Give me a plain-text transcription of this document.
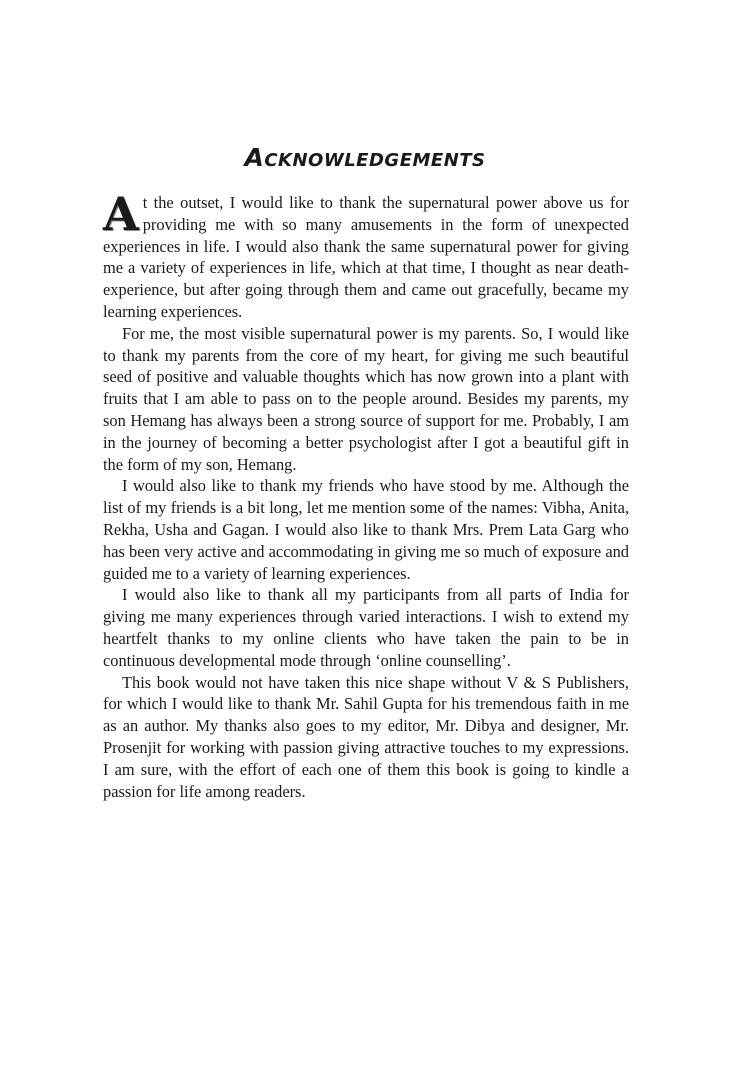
Acknowledgements

At the outset, I would like to thank the supernatural power above us for providing me with so many amusements in the form of unexpected experiences in life. I would also thank the same supernatural power for giving me a variety of experiences in life, which at that time, I thought as near death-experience, but after going through them and came out gracefully, became my learning experiences.

For me, the most visible supernatural power is my parents. So, I would like to thank my parents from the core of my heart, for giving me such beautiful seed of positive and valuable thoughts which has now grown into a plant with fruits that I am able to pass on to the people around. Besides my parents, my son Hemang has always been a strong source of support for me. Probably, I am in the journey of becoming a better psychologist after I got a beautiful gift in the form of my son, Hemang.

I would also like to thank my friends who have stood by me. Although the list of my friends is a bit long, let me mention some of the names: Vibha, Anita, Rekha, Usha and Gagan. I would also like to thank Mrs. Prem Lata Garg who has been very active and accommodating in giving me so much of exposure and guided me to a variety of learning experiences.

I would also like to thank all my participants from all parts of India for giving me many experiences through varied interactions. I wish to extend my heartfelt thanks to my online clients who have taken the pain to be in continuous developmental mode through ‘online counselling’.

This book would not have taken this nice shape without V & S Publishers, for which I would like to thank Mr. Sahil Gupta for his tremendous faith in me as an author. My thanks also goes to my editor, Mr. Dibya and designer, Mr. Prosenjit for working with passion giving attractive touches to my expressions. I am sure, with the effort of each one of them this book is going to kindle a passion for life among readers.
